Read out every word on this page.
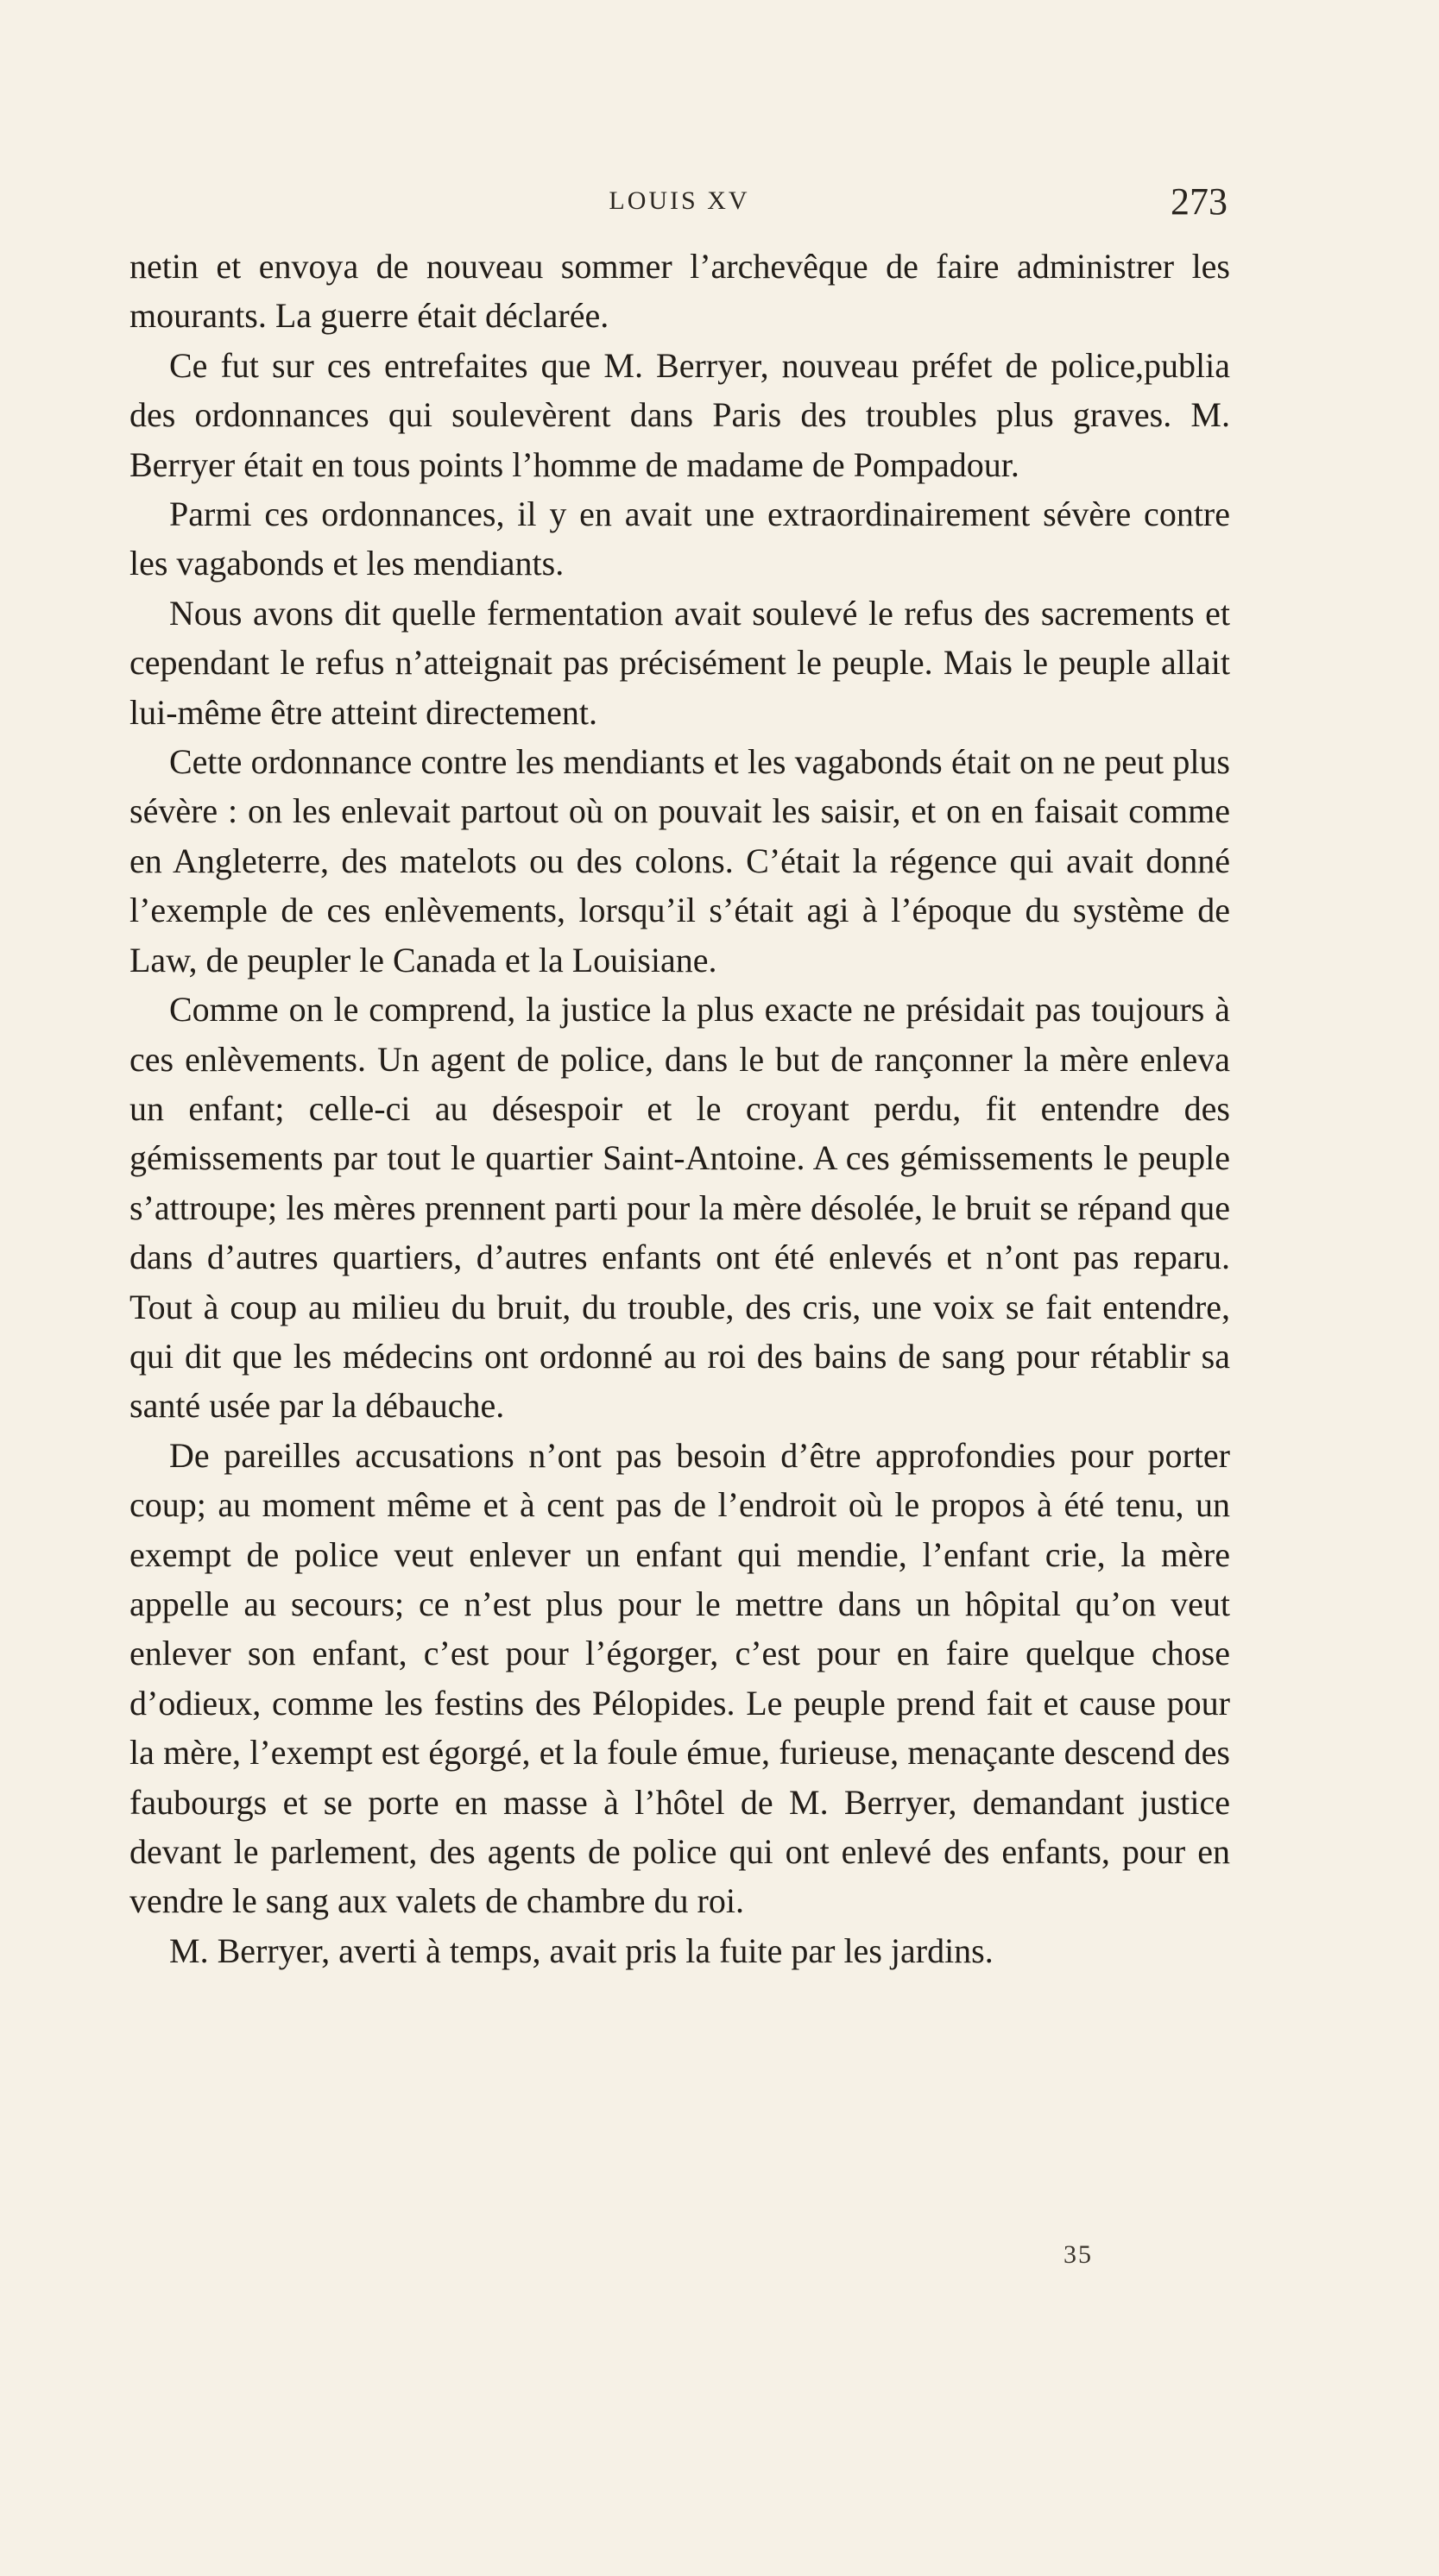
LOUIS XV	273

netin et envoya de nouveau sommer l’archevêque de faire administrer les mourants. La guerre était déclarée.

Ce fut sur ces entrefaites que M. Berryer, nouveau préfet de police,publia des ordonnances qui soulevèrent dans Paris des troubles plus graves. M. Berryer était en tous points l’homme de madame de Pompadour.

Parmi ces ordonnances, il y en avait une extraordinairement sévère contre les vagabonds et les mendiants.

Nous avons dit quelle fermentation avait soulevé le refus des sacrements et cependant le refus n’atteignait pas précisément le peuple. Mais le peuple allait lui-même être atteint directement.

Cette ordonnance contre les mendiants et les vagabonds était on ne peut plus sévère : on les enlevait partout où on pouvait les saisir, et on en faisait comme en Angleterre, des matelots ou des colons. C’était la régence qui avait donné l’exemple de ces enlèvements, lorsqu’il s’était agi à l’époque du système de Law, de peupler le Canada et la Louisiane.

Comme on le comprend, la justice la plus exacte ne présidait pas toujours à ces enlèvements. Un agent de police, dans le but de rançonner la mère enleva un enfant; celle-ci au désespoir et le croyant perdu, fit entendre des gémissements par tout le quartier Saint-Antoine. A ces gémissements le peuple s’attroupe; les mères prennent parti pour la mère désolée, le bruit se répand que dans d’autres quartiers, d’autres enfants ont été enlevés et n’ont pas reparu. Tout à coup au milieu du bruit, du trouble, des cris, une voix se fait entendre, qui dit que les médecins ont ordonné au roi des bains de sang pour rétablir sa santé usée par la débauche.

De pareilles accusations n’ont pas besoin d’être approfondies pour porter coup; au moment même et à cent pas de l’endroit où le propos à été tenu, un exempt de police veut enlever un enfant qui mendie, l’enfant crie, la mère appelle au secours; ce n’est plus pour le mettre dans un hôpital qu’on veut enlever son enfant, c’est pour l’égorger, c’est pour en faire quelque chose d’odieux, comme les festins des Pélopides. Le peuple prend fait et cause pour la mère, l’exempt est égorgé, et la foule émue, furieuse, menaçante descend des faubourgs et se porte en masse à l’hôtel de M. Berryer, demandant justice devant le parlement, des agents de police qui ont enlevé des enfants, pour en vendre le sang aux valets de chambre du roi.

M. Berryer, averti à temps, avait pris la fuite par les jardins.

35
